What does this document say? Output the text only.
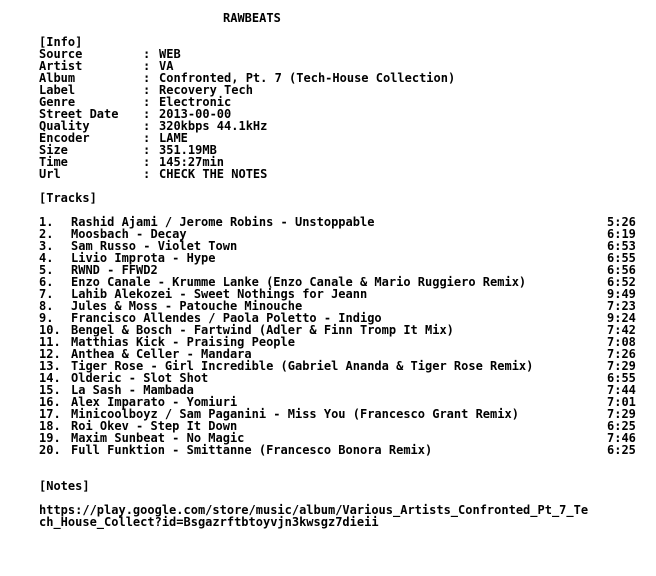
RAWBEATS
[Info]
Source	: WEB
Artist	: VA
Album	: Confronted, Pt. 7 (Tech-House Collection)
Label	: Recovery Tech
Genre	: Electronic
Street Date : 2013-00-00
Quality	: 320kbps 44.1kHz
Encoder	: LAME
Size	: 351.19MB
Time	: 145:27min
Url	: CHECK THE NOTES
[Tracks]
1. Rashid Ajami / Jerome Robins - Unstoppable	5:26
2. Moosbach - Decay	6:19
3. Sam Russo - Violet Town	6:53
4. Livio Improta - Hype	6:55
5. RWND - FFWD2	6:56
6. Enzo Canale - Krumme Lanke (Enzo Canale & Mario Ruggiero Remix)	6:52
7. Lahib Alekozei - Sweet Nothings for Jeann	9:49
8. Jules & Moss - Patouche Minouche	7:23
9. Francisco Allendes / Paola Poletto - Indigo	9:24
10. Bengel & Bosch - Fartwind (Adler & Finn Tromp It Mix)	7:42
11. Matthias Kick - Praising People	7:08
12. Anthea & Celler - Mandara	7:26
13. Tiger Rose - Girl Incredible (Gabriel Ananda & Tiger Rose Remix)	7:29
14. Olderic - Slot Shot	6:55
15. La Sash - Mambada	7:44
16. Alex Imparato - Yomiuri	7:01
17. Minicoolboyz / Sam Paganini - Miss You (Francesco Grant Remix)	7:29
18. Roi Okev - Step It Down	6:25
19. Maxim Sunbeat - No Magic	7:46
20. Full Funktion - Smittanne (Francesco Bonora Remix)	6:25
[Notes]
https://play.google.com/store/music/album/Various_Artists_Confronted_Pt_7_Te
ch_House_Collect?id=Bsgazrftbtoyvjn3kwsgz7dieii
